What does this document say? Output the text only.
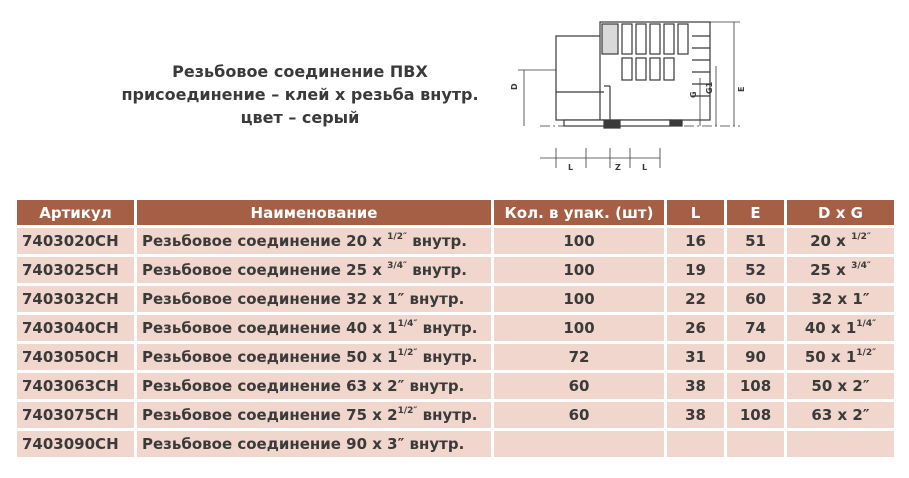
Резьбовое соединение ПВХ
присоединение – клей х резьба внутр.
цвет – серый
D
G
G1	E
L	Z	L
Артикул	Наименование	Кол. в упак. (шт)	L	E	D x G
7403020CH	Резьбовое соединение 20 х $^{1/2''}$ внутр.	100	16	51	20 x $^{1/2''}$
7403025CH	Резьбовое соединение 25 х $^{3/4''}$ внутр.	100	19	52	25 x $^{3/4''}$
7403032CH	Резьбовое соединение 32 х 1″ внутр.	100	22	60	32 x 1″
7403040CH	Резьбовое соединение 40 х $1^{1/4''}$ внутр.	100	26	74	40 x $1^{1/4''}$
7403050CH	Резьбовое соединение 50 х $1^{1/2''}$ внутр.	72	31	90	50 x $1^{1/2''}$
7403063CH	Резьбовое соединение 63 х 2″ внутр.	60	38	108	50 x 2″
7403075CH	Резьбовое соединение 75 х $2^{1/2''}$ внутр.	60	38	108	63 x 2″
7403090CH	Резьбовое соединение 90 х 3″ внутр.				
